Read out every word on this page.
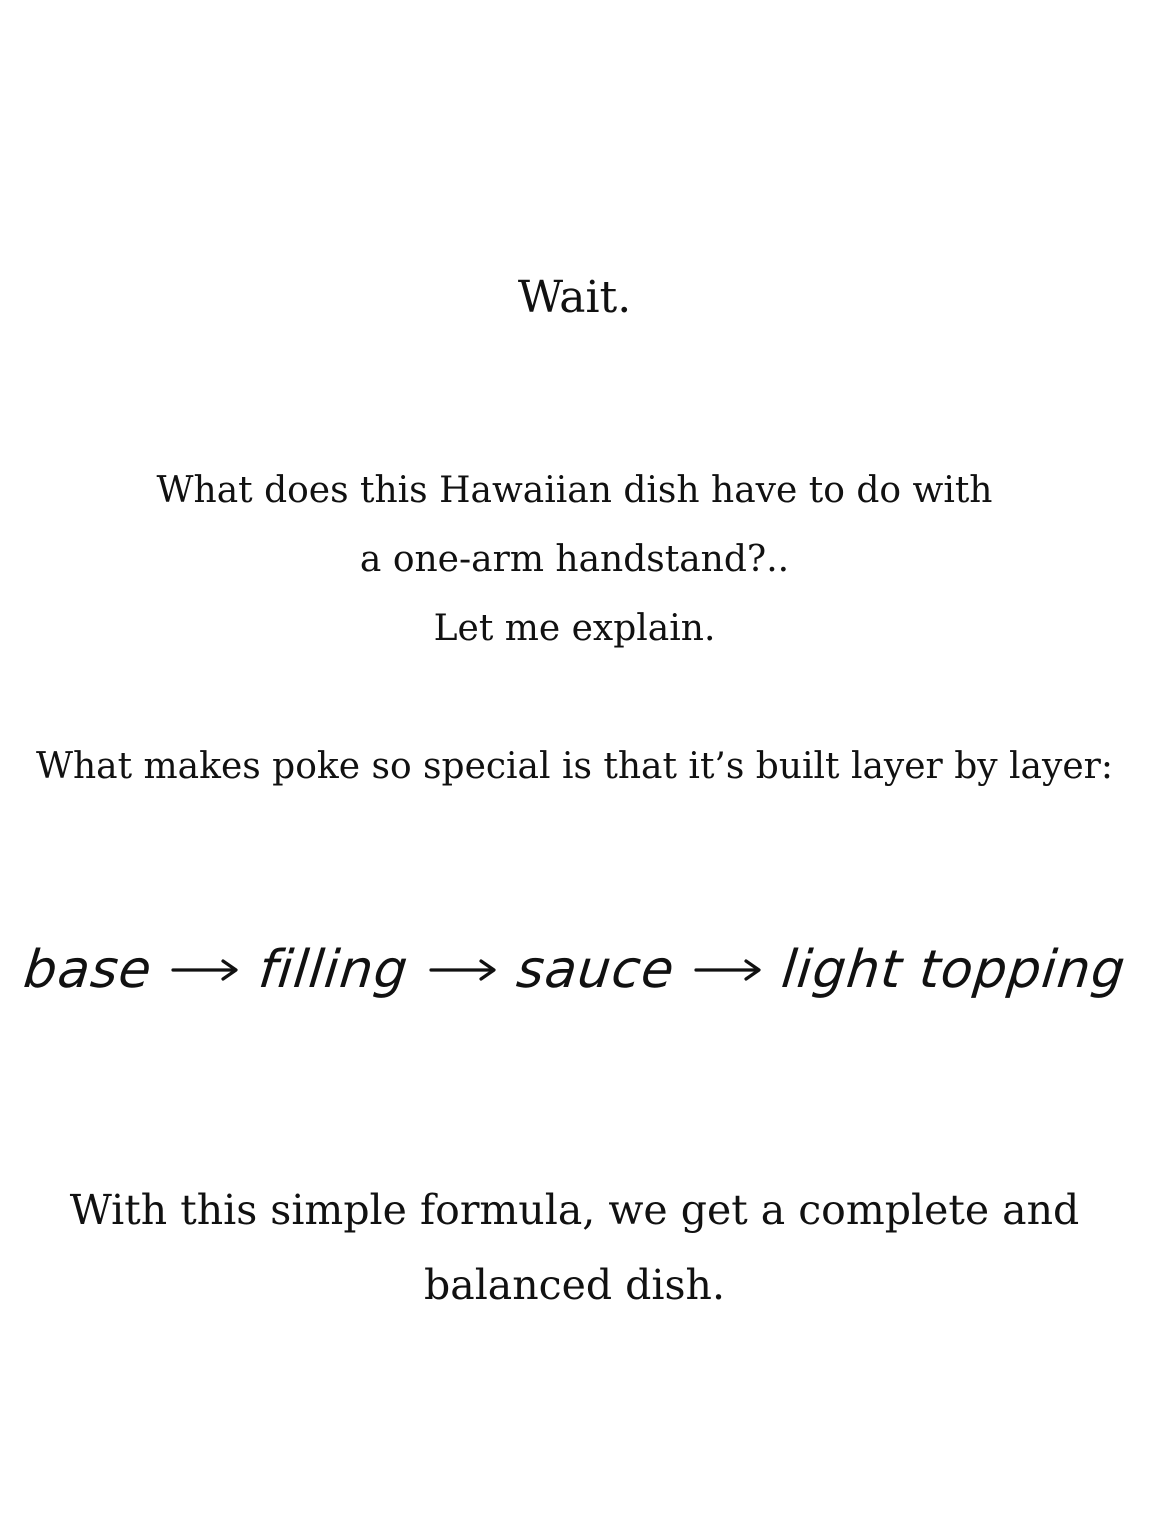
Wait.
What does this Hawaiian dish have to do with
a one-arm handstand?..
Let me explain.
What makes poke so special is that it’s built layer by layer:
base filling sauce light topping
With this simple formula, we get a complete and
balanced dish.
